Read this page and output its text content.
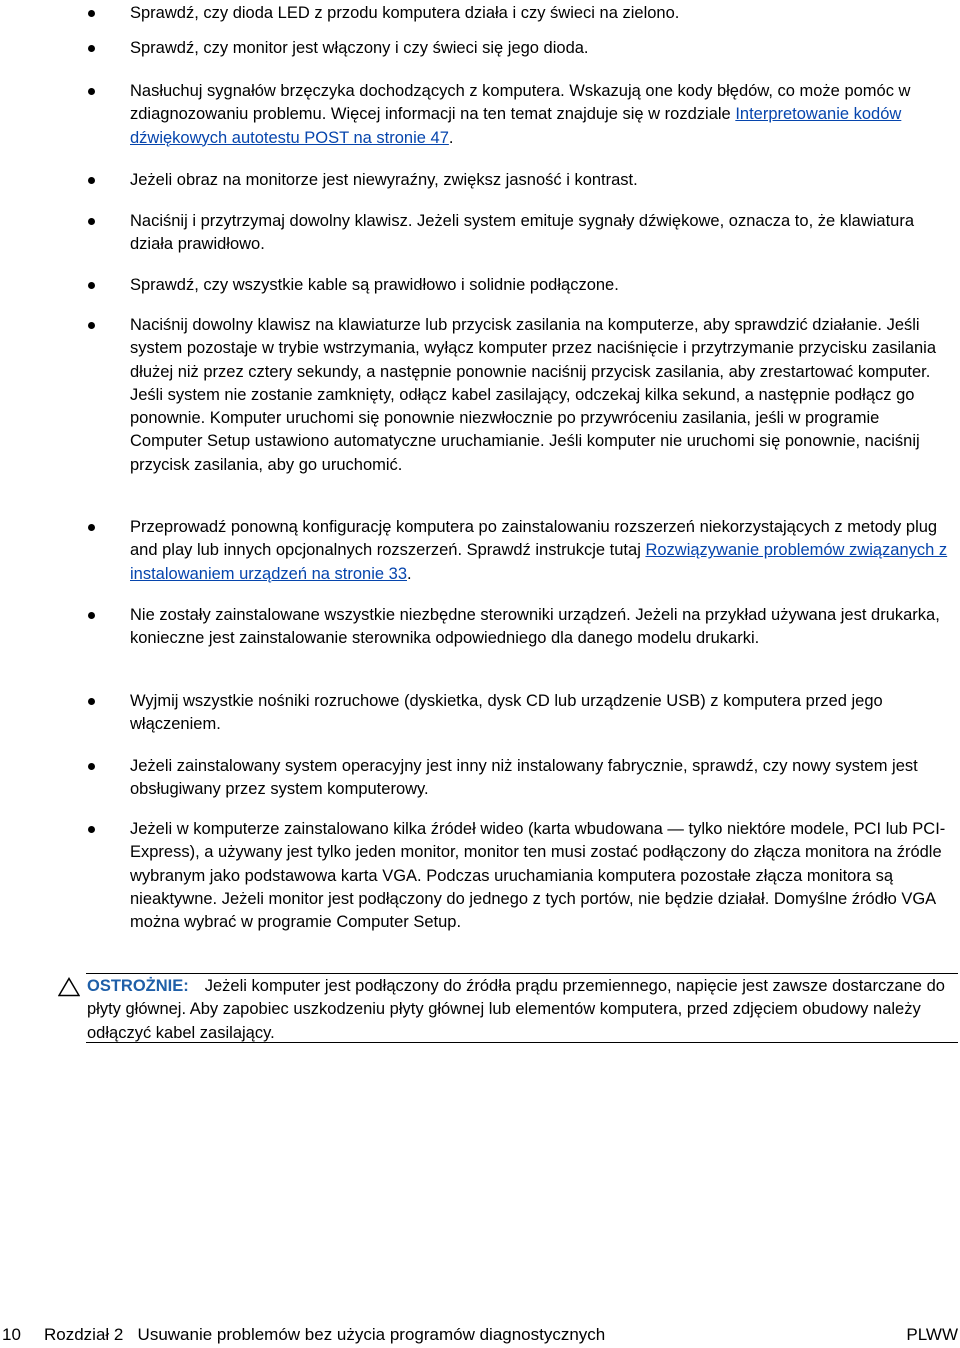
Sprawdź, czy dioda LED z przodu komputera działa i czy świeci na zielono.
Sprawdź, czy monitor jest włączony i czy świeci się jego dioda.
Nasłuchuj sygnałów brzęczyka dochodzących z komputera. Wskazują one kody błędów, co może pomóc w zdiagnozowaniu problemu. Więcej informacji na ten temat znajduje się w rozdziale Interpretowanie kodów dźwiękowych autotestu POST na stronie 47.
Jeżeli obraz na monitorze jest niewyraźny, zwiększ jasność i kontrast.
Naciśnij i przytrzymaj dowolny klawisz. Jeżeli system emituje sygnały dźwiękowe, oznacza to, że klawiatura działa prawidłowo.
Sprawdź, czy wszystkie kable są prawidłowo i solidnie podłączone.
Naciśnij dowolny klawisz na klawiaturze lub przycisk zasilania na komputerze, aby sprawdzić działanie. Jeśli system pozostaje w trybie wstrzymania, wyłącz komputer przez naciśnięcie i przytrzymanie przycisku zasilania dłużej niż przez cztery sekundy, a następnie ponownie naciśnij przycisk zasilania, aby zrestartować komputer. Jeśli system nie zostanie zamknięty, odłącz kabel zasilający, odczekaj kilka sekund, a następnie podłącz go ponownie. Komputer uruchomi się ponownie niezwłocznie po przywróceniu zasilania, jeśli w programie Computer Setup ustawiono automatyczne uruchamianie. Jeśli komputer nie uruchomi się ponownie, naciśnij przycisk zasilania, aby go uruchomić.
Przeprowadź ponowną konfigurację komputera po zainstalowaniu rozszerzeń niekorzystających z metody plug and play lub innych opcjonalnych rozszerzeń. Sprawdź instrukcje tutaj Rozwiązywanie problemów związanych z instalowaniem urządzeń na stronie 33.
Nie zostały zainstalowane wszystkie niezbędne sterowniki urządzeń. Jeżeli na przykład używana jest drukarka, konieczne jest zainstalowanie sterownika odpowiedniego dla danego modelu drukarki.
Wyjmij wszystkie nośniki rozruchowe (dyskietka, dysk CD lub urządzenie USB) z komputera przed jego włączeniem.
Jeżeli zainstalowany system operacyjny jest inny niż instalowany fabrycznie, sprawdź, czy nowy system jest obsługiwany przez system komputerowy.
Jeżeli w komputerze zainstalowano kilka źródeł wideo (karta wbudowana — tylko niektóre modele, PCI lub PCI-Express), a używany jest tylko jeden monitor, monitor ten musi zostać podłączony do złącza monitora na źródle wybranym jako podstawowa karta VGA. Podczas uruchamiania komputera pozostałe złącza monitora są nieaktywne. Jeżeli monitor jest podłączony do jednego z tych portów, nie będzie działał. Domyślne źródło VGA można wybrać w programie Computer Setup.
OSTROŻNIE: Jeżeli komputer jest podłączony do źródła prądu przemiennego, napięcie jest zawsze dostarczane do płyty głównej. Aby zapobiec uszkodzeniu płyty głównej lub elementów komputera, przed zdjęciem obudowy należy odłączyć kabel zasilający.
10 Rozdział 2   Usuwanie problemów bez użycia programów diagnostycznych	PLWW
